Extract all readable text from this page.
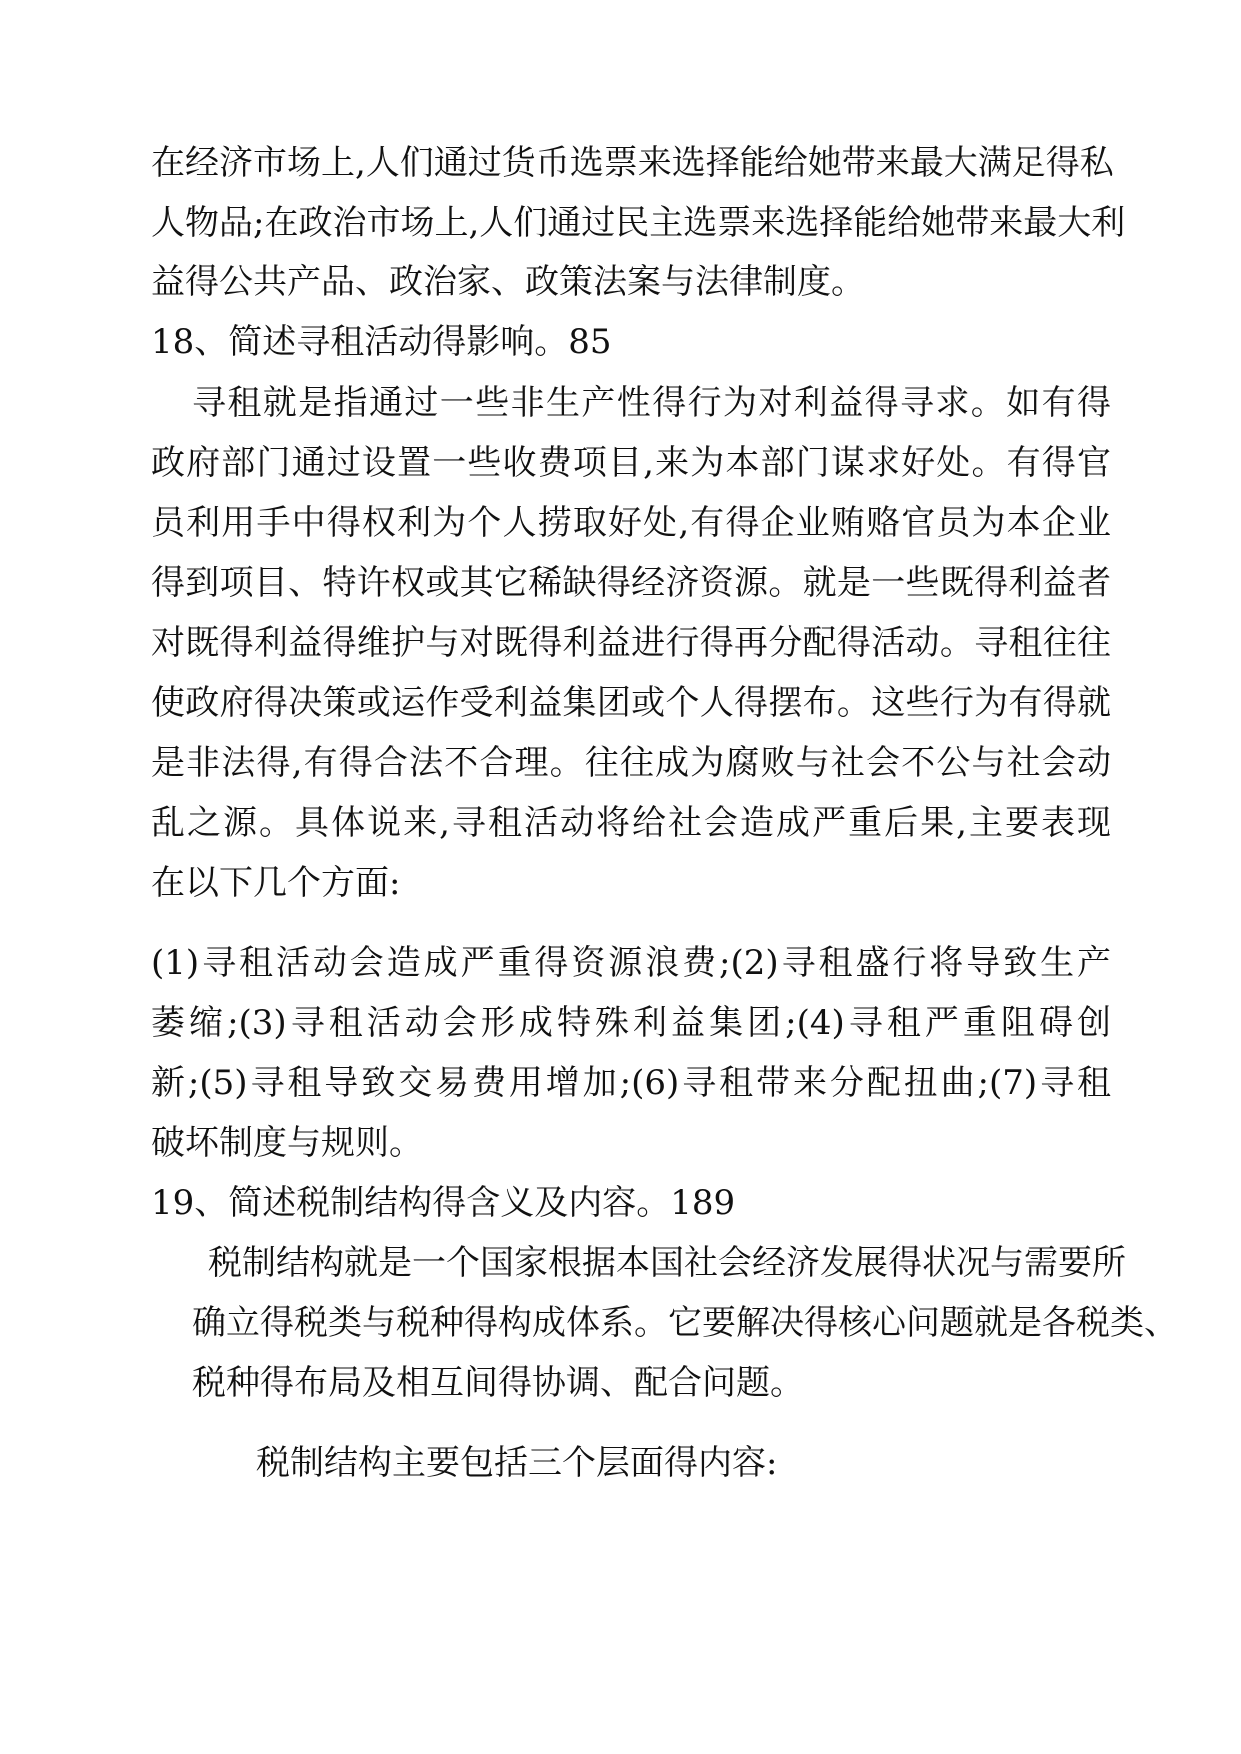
在经济市场上,人们通过货币选票来选择能给她带来最大满足得私
人物品;在政治市场上,人们通过民主选票来选择能给她带来最大利
益得公共产品、政治家、政策法案与法律制度。
18、简述寻租活动得影响。85
寻租就是指通过一些非生产性得行为对利益得寻求。如有得
政府部门通过设置一些收费项目,来为本部门谋求好处。有得官
员利用手中得权利为个人捞取好处,有得企业贿赂官员为本企业
得到项目、特许权或其它稀缺得经济资源。就是一些既得利益者
对既得利益得维护与对既得利益进行得再分配得活动。寻租往往
使政府得决策或运作受利益集团或个人得摆布。这些行为有得就
是非法得,有得合法不合理。往往成为腐败与社会不公与社会动
乱之源。具体说来,寻租活动将给社会造成严重后果,主要表现
在以下几个方面:
(1)寻租活动会造成严重得资源浪费;(2)寻租盛行将导致生产
萎缩;(3)寻租活动会形成特殊利益集团;(4)寻租严重阻碍创
新;(5)寻租导致交易费用增加;(6)寻租带来分配扭曲;(7)寻租
破坏制度与规则。
19、简述税制结构得含义及内容。189
税制结构就是一个国家根据本国社会经济发展得状况与需要所
确立得税类与税种得构成体系。它要解决得核心问题就是各税类、
税种得布局及相互间得协调、配合问题。
税制结构主要包括三个层面得内容:
